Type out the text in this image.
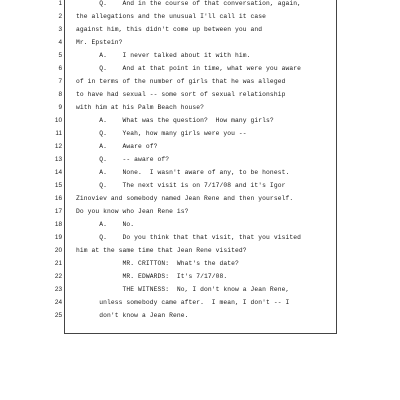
1 Q.    And in the course of that conversation, again,
2 the allegations and the unusual I'll call it case
3 against him, this didn't come up between you and
4 Mr. Epstein?
5 A.    I never talked about it with him.
6 Q.    And at that point in time, what were you aware
7 of in terms of the number of girls that he was alleged
8 to have had sexual -- some sort of sexual relationship
9 with him at his Palm Beach house?
10 A.    What was the question?  How many girls?
11 Q.    Yeah, how many girls were you --
12 A.    Aware of?
13 Q.    -- aware of?
14 A.    None.  I wasn't aware of any, to be honest.
15 Q.    The next visit is on 7/17/08 and it's Igor
16 Zinoviev and somebody named Jean Rene and then yourself.
17 Do you know who Jean Rene is?
18 A.    No.
19 Q.    Do you think that that visit, that you visited
20 him at the same time that Jean Rene visited?
21 MR. CRITTON:  What's the date?
22 MR. EDWARDS:  It's 7/17/08.
23 THE WITNESS:  No, I don't know a Jean Rene,
24 unless somebody came after.  I mean, I don't -- I
25 don't know a Jean Rene.
